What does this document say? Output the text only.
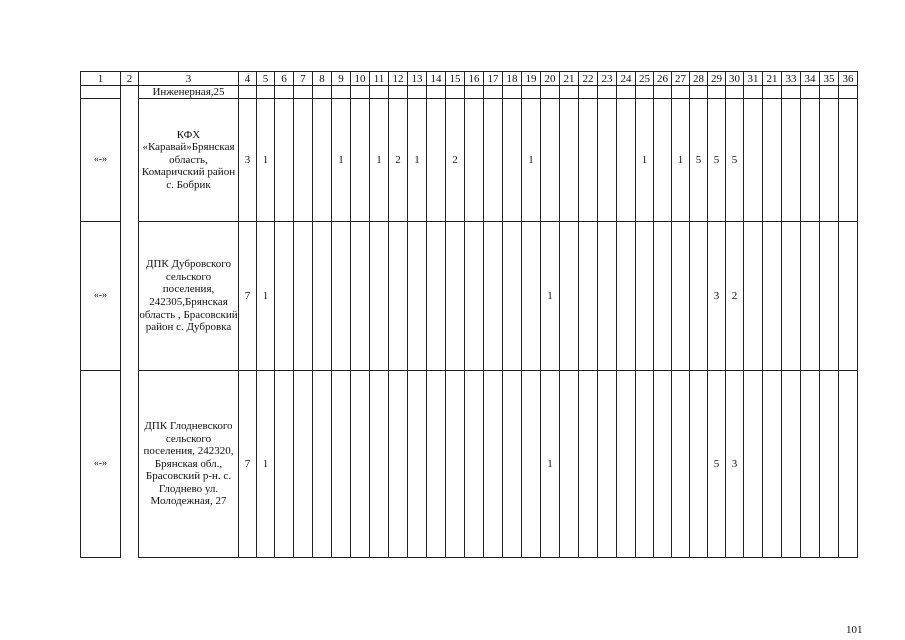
1	2	3	4	5	6	7	8	9	10	11	12	13	14	15	16	17	18	19	20	21	22	23	24	25	26	27	28	29	30	31	21	33	34	35	36
		Инженерная,25																																	
«-»		КФХ «Каравай»Брянская область, Комаричский район с. Бобрик	3	1				1		1	2	1		2				1						1		1	5	5	5						
«-»		ДПК Дубровского сельского поселения, 242305,Брянская область , Брасовский район с. Дубровка	7	1															1									3	2						
«-»		ДПК Глодневского сельского поселения, 242320, Брянская обл., Брасовский р-н. с. Глоднево ул. Молодежная, 27	7	1															1									5	3						
101
